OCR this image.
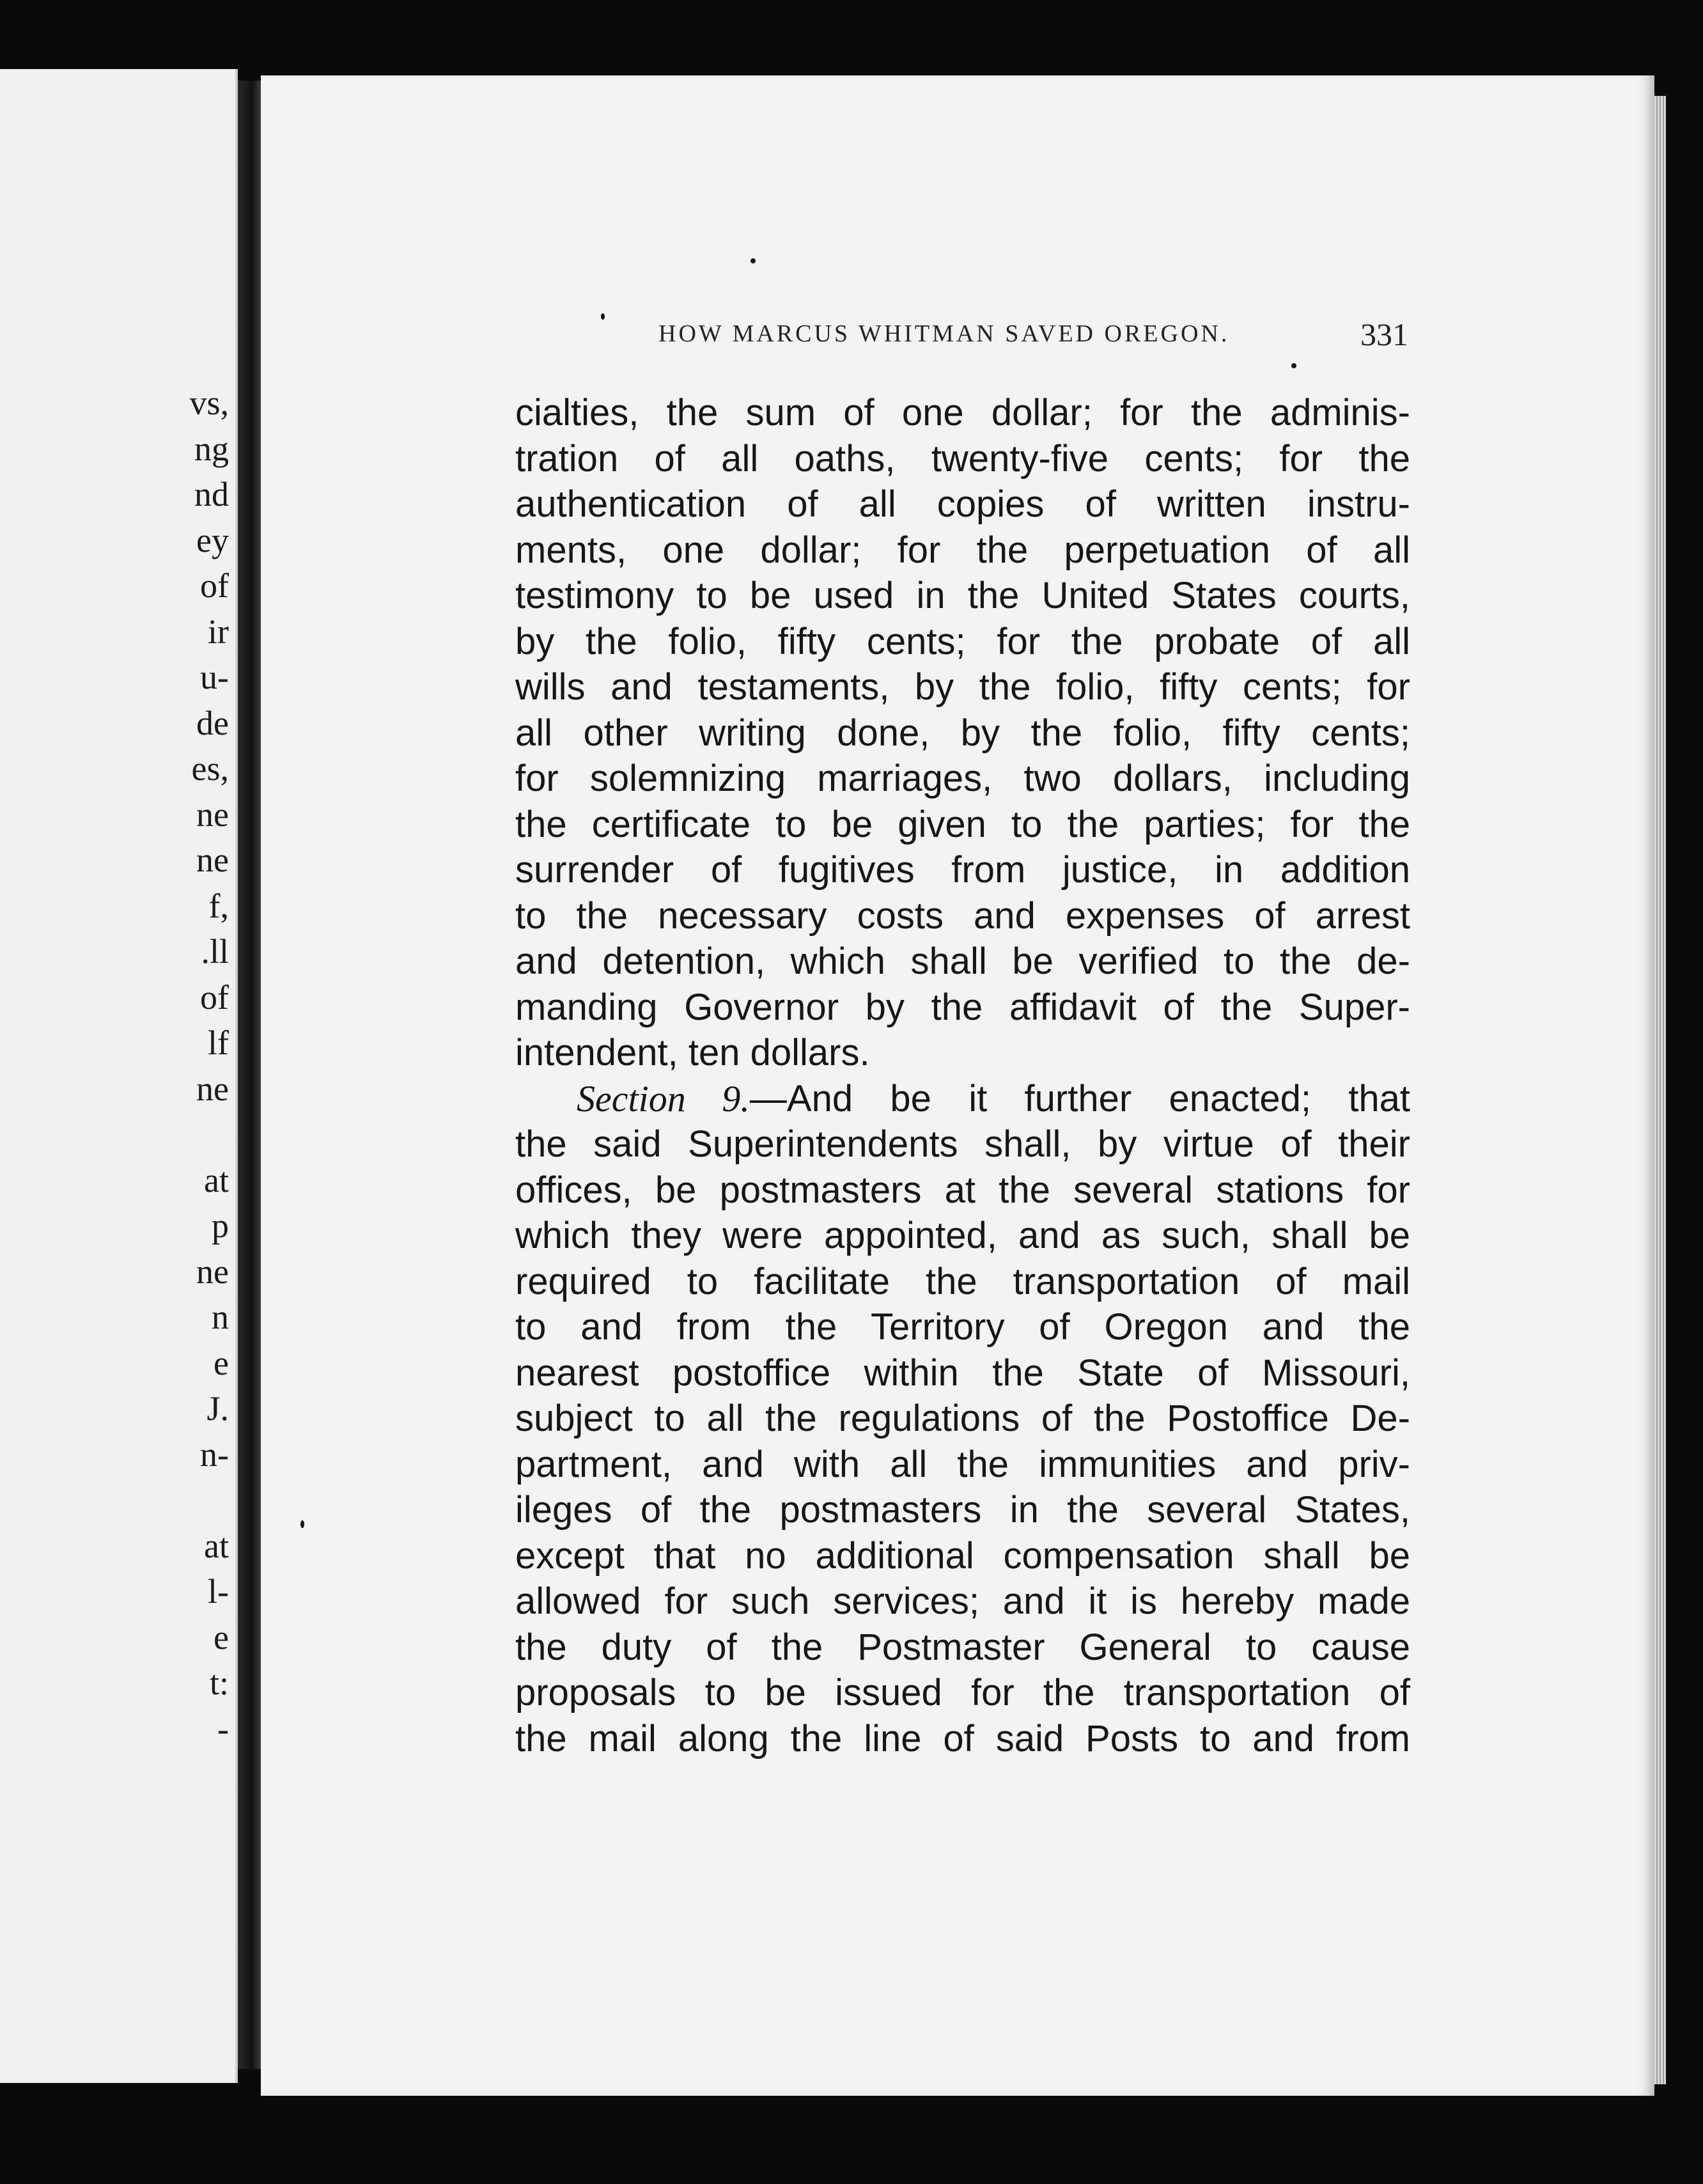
vs,
ng
nd
ey
of
ir
u-
de
es,
ne
ne
f,
.ll
of
lf
ne
at
p
ne
n
e
J.
n-
at
l-
e
t:
-
HOW MARCUS WHITMAN SAVED OREGON.	331
cialties, the sum of one dollar; for the adminis-
tration of all oaths, twenty-five cents; for the
authentication of all copies of written instru-
ments, one dollar; for the perpetuation of all
testimony to be used in the United States courts,
by the folio, fifty cents; for the probate of all
wills and testaments, by the folio, fifty cents; for
all other writing done, by the folio, fifty cents;
for solemnizing marriages, two dollars, including
the certificate to be given to the parties; for the
surrender of fugitives from justice, in addition
to the necessary costs and expenses of arrest
and detention, which shall be verified to the de-
manding Governor by the affidavit of the Super-
intendent, ten dollars.
Section 9.—And be it further enacted; that
the said Superintendents shall, by virtue of their
offices, be postmasters at the several stations for
which they were appointed, and as such, shall be
required to facilitate the transportation of mail
to and from the Territory of Oregon and the
nearest postoffice within the State of Missouri,
subject to all the regulations of the Postoffice De-
partment, and with all the immunities and priv-
ileges of the postmasters in the several States,
except that no additional compensation shall be
allowed for such services; and it is hereby made
the duty of the Postmaster General to cause
proposals to be issued for the transportation of
the mail along the line of said Posts to and from
